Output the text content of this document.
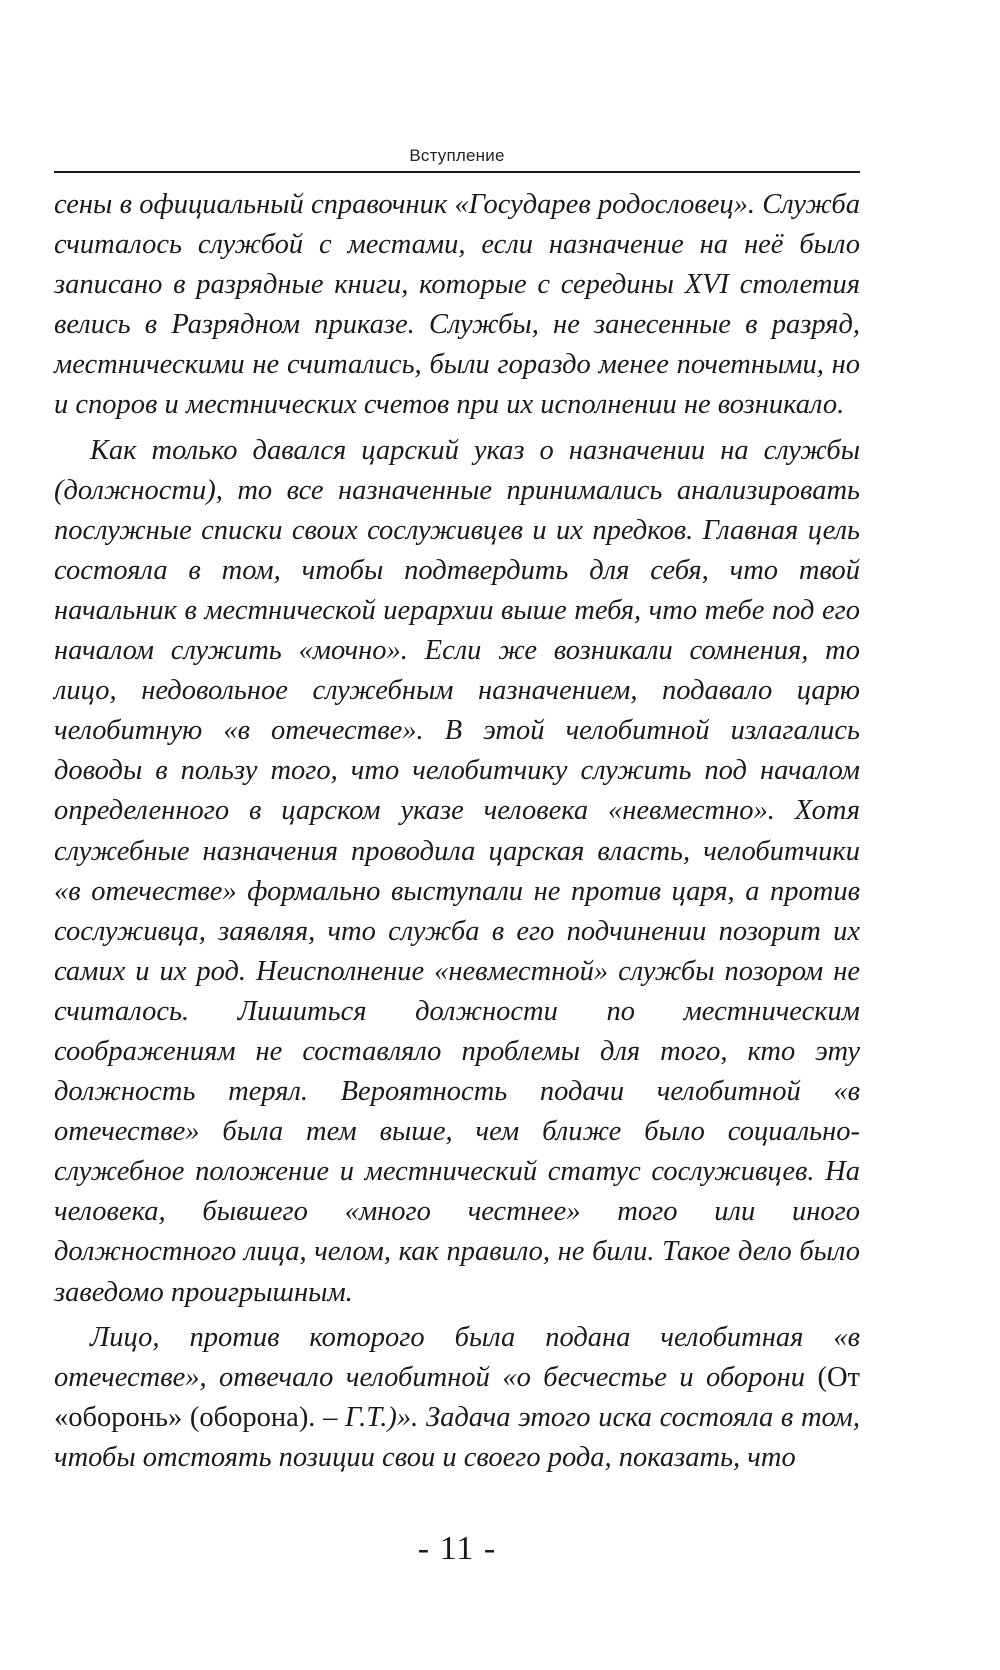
Вступление

сены в официальный справочник «Государев родословец». Служба считалось службой с местами, если назначение на неё было записано в разрядные книги, которые с середины XVI столетия велись в Разрядном приказе. Службы, не занесенные в разряд, местническими не считались, были гораздо менее почетными, но и споров и местнических счетов при их исполнении не возникало.

Как только давался царский указ о назначении на службы (должности), то все назначенные принимались анализировать послужные списки своих сослуживцев и их предков. Главная цель состояла в том, чтобы подтвердить для себя, что твой начальник в местнической иерархии выше тебя, что тебе под его началом служить «мочно». Если же возникали сомнения, то лицо, недовольное служебным назначением, подавало царю челобитную «в отечестве». В этой челобитной излагались доводы в пользу того, что челобитчику служить под началом определенного в царском указе человека «невместно». Хотя служебные назначения проводила царская власть, челобитчики «в отечестве» формально выступали не против царя, а против сослуживца, заявляя, что служба в его подчинении позорит их самих и их род. Неисполнение «невместной» службы позором не считалось. Лишиться должности по местническим соображениям не составляло проблемы для того, кто эту должность терял. Вероятность подачи челобитной «в отечестве» была тем выше, чем ближе было социально-служебное положение и местнический статус сослуживцев. На человека, бывшего «много честнее» того или иного должностного лица, челом, как правило, не били. Такое дело было заведомо проигрышным.

Лицо, против которого была подана челобитная «в отечестве», отвечало челобитной «о бесчестье и оборони (От «оборонь» (оборона). – Г.Т.)». Задача этого иска состояла в том, чтобы отстоять позиции свои и своего рода, показать, что

- 11 -
